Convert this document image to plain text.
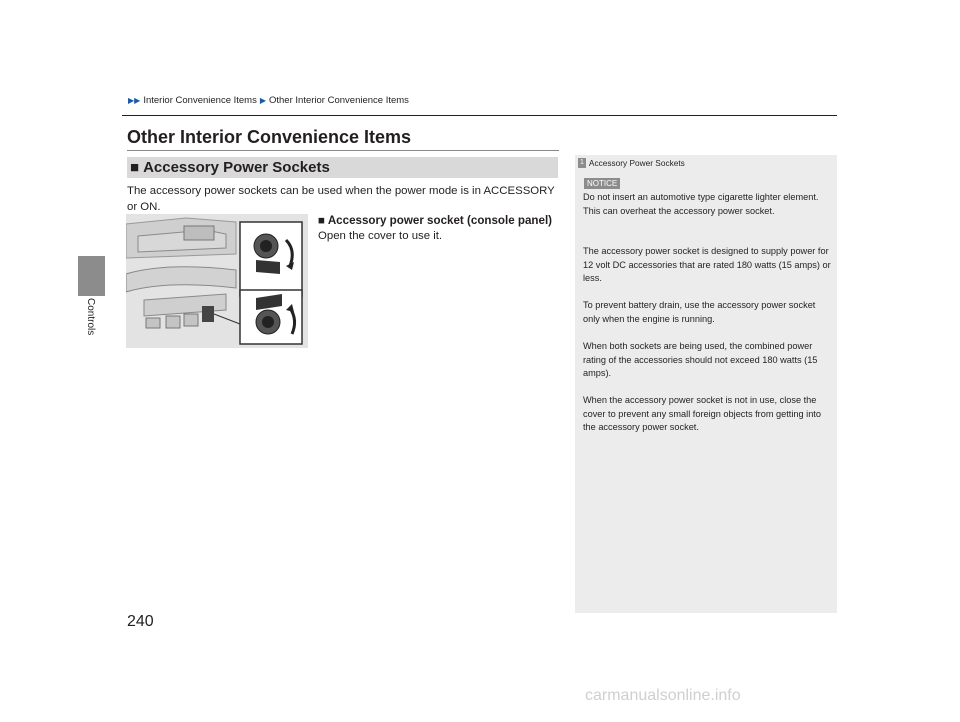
Controls
▶▶ Interior Convenience Items ▶ Other Interior Convenience Items
Other Interior Convenience Items
■ Accessory Power Sockets
The accessory power sockets can be used when the power mode is in ACCESSORY or ON.
■ Accessory power socket (console panel)
Open the cover to use it.
1 Accessory Power Sockets
NOTICE
Do not insert an automotive type cigarette lighter element. This can overheat the accessory power socket.
The accessory power socket is designed to supply power for 12 volt DC accessories that are rated 180 watts (15 amps) or less.
To prevent battery drain, use the accessory power socket only when the engine is running.
When both sockets are being used, the combined power rating of the accessories should not exceed 180 watts (15 amps).
When the accessory power socket is not in use, close the cover to prevent any small foreign objects from getting into the accessory power socket.
240
carmanualsonline.info
